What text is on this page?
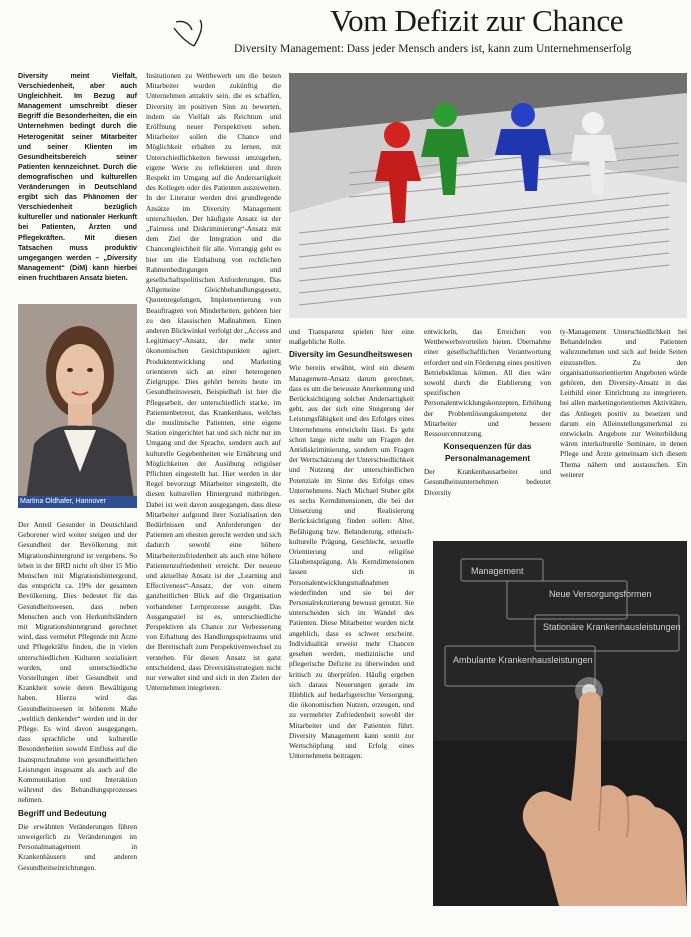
Vom Defizit zur Chance
Diversity Management: Dass jeder Mensch anders ist, kann zum Unternehmenserfolg
Diversity meint Vielfalt, Verschiedenheit, aber auch Ungleichheit. Im Bezug auf Management umschreibt dieser Begriff die Besonderheiten, die ein Unternehmen bedingt durch die Heterogenität seiner Mitarbeiter und seiner Klienten im Gesundheitsbereich seiner Patienten kennzeichnet. Durch die demografischen und kulturellen Veränderungen in Deutschland ergibt sich das Phänomen der Verschiedenheit bezüglich kultureller und nationaler Herkunft bei Patienten, Ärzten und Pflegekräften. Mit diesen Tatsachen muss produktiv umgegangen werden – „Diversity Management“ (DiM) kann hierbei einen fruchtbaren Ansatz bieten.
Martina Oldhafer, Hannover

Der Anteil Gesunder in Deutschland Geborener wird weiter steigen und der Gesundheit der Bevölkerung mit Migrationshintergrund ist vergebens. So leben in der BRD nicht oft über 15 Mio Menschen mit Migrationshintergrund, das entspricht ca. 19% der gesamten Bevölkerung. Dies bedeutet für das Gesundheitswesen, dass neben Menschen auch von Herkunftsländern mit Migrationshintergrund gerechnet wird, dass vermehrt Pflegende mit Ärzte und Pflegekräfte finden, die in vielen unterschiedlichen Kulturen sozialisiert wurden, und unterschiedliche Vorstellungen über Gesundheit und Krankheit sowie deren Bewältigung haben. Hierzu wird das Gesundheitswesen in höherem Maße „weltlich denkender“ werden und in der Pflege. Es wird davon ausgegangen, dass sprachliche und kulturelle Besonderheiten sowohl Einfluss auf die Inanspruchnahme von gesundheitlichen Leistungen insgesamt als auch auf die Kommunikation und Interaktion während des Behandlungsprozesses nehmen.

Begriff und Bedeutung

Die erwähnten Veränderungen führen unweigerlich zu Veränderungen im Personalmanagement in Krankenhäusern und anderen Gesundheitseinrichtungen.

Insitutionen zu Wettbewerb um die besten Mitarbeiter wurden zukünftig die Unternehmen attraktiv sein, die es schaffen, Diversity im positiven Sinn zu bewerten, indem sie Vielfalt als Reichtum und Eröffnung neuer Perspektiven sehen. Mitarbeiter sollen die Chance und Möglichkeit erhalten zu lernen, mit Unterschiedlichkeiten bewusst umzugehen, eigene Werte zu reflektieren und ihren Respekt im Umgang auf die Andersartigkeit des Kollegen oder des Patienten auszuweiten. In der Literatur werden drei grundlegende Ansätze im Diversity Management unterschieden. Der häufigste Ansatz ist der „Fairness und Diskriminierung“-Ansatz mit dem Ziel der Integration und die Chancengleichheit für alle. Vorrangig geht es hier um die Einhaltung von rechtlichen Rahmenbedingungen und gesellschaftspolitischen Anforderungen. Das Allgemeine Gleichbehandlungsgesetz, Quotenregelungen, Implementierung von Beauftragten von Minderheiten, gehören hier zu den klassischen Maßnahmen. Einen anderen Blickwinkel verfolgt der „Access and Legitimacy“-Ansatz, der mehr unter ökonomischen Gesichtspunkten agiert. Produktentwicklung und Marketing orientieren sich an einer heterogenen Zielgruppe. Dies gehört bereits heute im Gesundheitswesen, Beispielhaft ist hier die Pflegearbeit, der unterschiedlich starke, im Patientenbetreut, das Krankenhaus, welches die muslimische Patienten, eine eigene Station eingerichtet hat und sich nicht nur im Umgang und der Sprache, sondern auch auf kulturelle Gegebenheiten wie Ernährung und Möglichkeiten der Ausübung religiöser Pflichten eingestellt hat. Hier werden in der Regel bevorzugt Mitarbeiter eingestellt, die diesen kulturellen Hintergrund mitbringen. Dabei ist weit davon ausgegangen, dass diese Mitarbeiter aufgrund ihrer Sozialisation den Bedürfnissen und Anforderungen der Patienten am ehesten gerecht werden und sich dadurch sowohl eine höhere Mitarbeiterzufriedenheit als auch eine höhere Patientenzufriedenheit erreicht. Der neueste und aktuellste Ansatz ist der „Learning and Effectiveness“-Ansatz, der von einem ganzheitlichen Blick auf die Organisation vorhandener Lernprozesse ausgeht. Das Ausgangsziel ist es, unterschiedliche Perspektiven als Chance zur Verbesserung von Erhaltung des Handlungsspielraums und der Bereitschaft zum Perspektivenwechsel zu verstehen. Für diesen Ansatz ist ganz entscheidend, dass Diversitätsstrategien nicht nur verwaltet sind und sich in den Zielen der Unternehmen integrieren.

und Transparenz spielen hier eine maßgebliche Rolle.

Diversity im Gesundheitswesen

Wie bereits erwähnt, wird ein diesem Management-Ansatz darum gerechnet, dass es um die bewusste Anerkennung und Berücksichtigung solcher Andersartigkeit geht, aus der sich eine Steigerung der Leistungsfähigkeit und des Erfolges eines Unternehmens entwickeln lässt. Es geht schon lange nicht mehr um Fragen der Antidiskriminierung, sondern um Fragen der Wertschätzung der Unterschiedlichkeit und Nutzung der unterschiedlichen Potenziale im Sinne des Erfolgs eines Unternehmens. Nach Michael Stuber gibt es sechs Kerndimensionen, die bei der Umsetzung und Realisierung Berücksichtigung finden sollen: Alter, Befähigung bzw. Behinderung, ethnisch-kulturelle Prägung, Geschlecht, sexuelle Orientierung und religiöse Glaubensprägung. Als Kerndimensionen lassen sich in Personalentwicklungsmaßnahmen wiederfinden und sie bei der Personalrekrutierung bewusst genutzt. Sie unterscheiden sich im Wandel des Patienten. Diese Mitarbeiter wurden nicht angeblich, dass es schwer erscheint. Individualität erweist mehr Chancen gesehen werden, medizinische und pflegerische Defizite zu überwinden und kritisch zu überprüfen. Häufig ergeben sich daraus Neuerungen gerade im Hinblick auf bedarfsgerechte Versorgung, die ökonomischen Nutzen, erzeugen, und zu vermehrter Zufriedenheit sowohl der Mitarbeiter und der Patienten führt. Diversity Management kann somit zur Wertschöpfung und Erfolg eines Unternehmens beitragen.

entwickeln, das Erreichen von Wettbewerbsvorteilen bieten. Übernahme einer gesellschaftlichen Verantwortung erfordert und ein Förderung eines positiven Betriebsklimas können. All dies wäre sowohl durch die Etablierung von spezifischen Personalentwicklungskonzepten, Erhöhung der Problemlösungskompetenz der Mitarbeiter und bessere Ressourcennutzung.

Konsequenzen für das Personalmanagement

Der Krankenhausarbeiter und Gesundheitsunternehmen bedeutet Diversity

ty-Management Unterschiedlichkeit bei Behandelnden und Patienten wahrzunehmen und sich auf beide Seiten einzustellen. Zu den organisationsorientierten Angeboten würde gehören, den Diversity-Ansatz in das Leitbild einer Einrichtung zu integrieren, bei allen marketingorientierten Aktivitäten, das Anliegen positiv zu besetzen und darum ein Alleinstellungsmerkmal zu entwickeln. Angebote zur Weiterbildung wären interkulturelle Seminare, in denen Pflege und Ärzte gemeinsam sich diesem Thema nähern und austauschen. Ein weiterer

Management
Neue Versorgungsformen
Stationäre Krankenhausleistungen
Ambulante Krankenhausleistungen
